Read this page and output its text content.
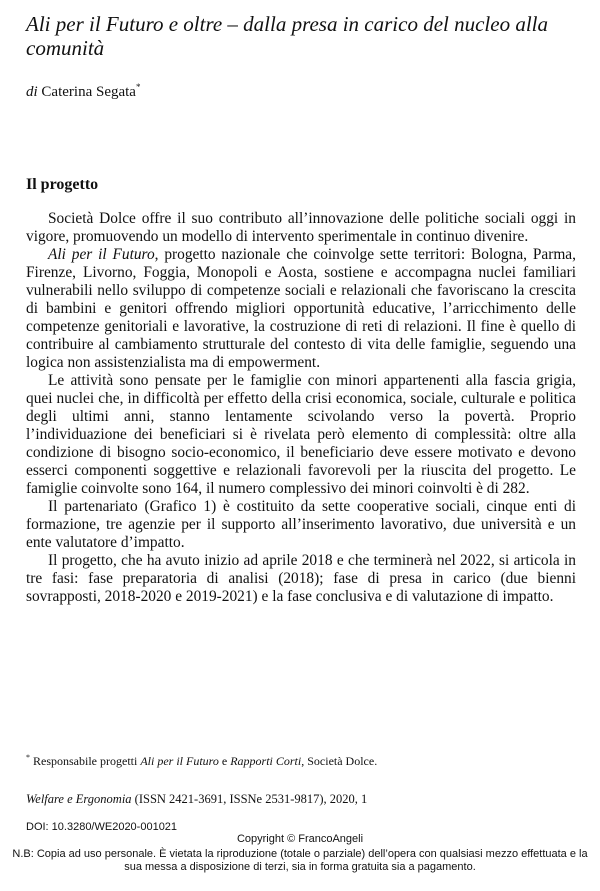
Ali per il Futuro e oltre – dalla presa in carico del nucleo alla comunità
di Caterina Segata*
Il progetto

Società Dolce offre il suo contributo all’innovazione delle politiche sociali oggi in vigore, promuovendo un modello di intervento sperimentale in continuo divenire.

Ali per il Futuro, progetto nazionale che coinvolge sette territori: Bologna, Parma, Firenze, Livorno, Foggia, Monopoli e Aosta, sostiene e accompagna nuclei familiari vulnerabili nello sviluppo di competenze sociali e relazionali che favoriscano la crescita di bambini e genitori offrendo migliori opportunità educative, l’arricchimento delle competenze genitoriali e lavorative, la costruzione di reti di relazioni. Il fine è quello di contribuire al cambiamento strutturale del contesto di vita delle famiglie, seguendo una logica non assistenzialista ma di empowerment.

Le attività sono pensate per le famiglie con minori appartenenti alla fascia grigia, quei nuclei che, in difficoltà per effetto della crisi economica, sociale, culturale e politica degli ultimi anni, stanno lentamente scivolando verso la povertà. Proprio l’individuazione dei beneficiari si è rivelata però elemento di complessità: oltre alla condizione di bisogno socio-economico, il beneficiario deve essere motivato e devono esserci componenti soggettive e relazionali favorevoli per la riuscita del progetto. Le famiglie coinvolte sono 164, il numero complessivo dei minori coinvolti è di 282.

Il partenariato (Grafico 1) è costituito da sette cooperative sociali, cinque enti di formazione, tre agenzie per il supporto all’inserimento lavorativo, due università e un ente valutatore d’impatto.

Il progetto, che ha avuto inizio ad aprile 2018 e che terminerà nel 2022, si articola in tre fasi: fase preparatoria di analisi (2018); fase di presa in carico (due bienni sovrapposti, 2018-2020 e 2019-2021) e la fase conclusiva e di valutazione di impatto.

* Responsabile progetti Ali per il Futuro e Rapporti Corti, Società Dolce.
Welfare e Ergonomia (ISSN 2421-3691, ISSNe 2531-9817), 2020, 1
DOI: 10.3280/WE2020-001021
Copyright © FrancoAngeli
N.B: Copia ad uso personale. È vietata la riproduzione (totale o parziale) dell’opera con qualsiasi mezzo effettuata e la sua messa a disposizione di terzi, sia in forma gratuita sia a pagamento.
